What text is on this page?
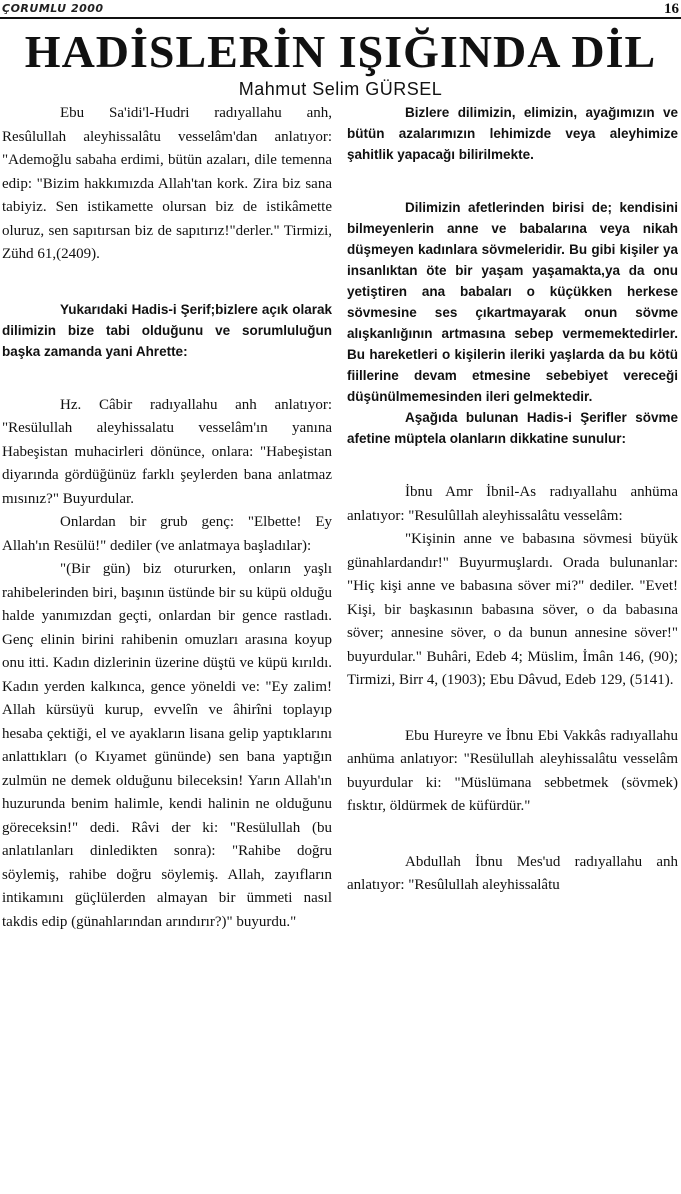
ÇORUMLU 2000	16
HADİSLERİN IŞIĞINDA DİL
Mahmut Selim GÜRSEL

Ebu Sa'idi'l-Hudri radıyallahu anh, Resûlullah aleyhissalâtu vesselâm'dan anlatıyor: "Ademoğlu sabaha erdimi, bütün azaları, dile temenna edip: "Bizim hakkımızda Allah'tan kork. Zira biz sana tabiyiz. Sen istikamette olursan biz de istikâmette oluruz, sen sapıtırsan biz de sapıtırız!"derler." Tirmizi, Zühd 61,(2409).

Yukarıdaki Hadis-i Şerif;bizlere açık olarak dilimizin bize tabi olduğunu ve sorumluluğun başka zamanda yani Ahrette:

Hz. Câbir radıyallahu anh anlatıyor: "Resülullah aleyhissalatu vesselâm'ın yanına Habeşistan muhacirleri dönünce, onlara: "Habeşistan diyarında gördüğünüz farklı şeylerden bana anlatmaz mısınız?" Buyurdular.

Onlardan bir grub genç: "Elbette! Ey Allah'ın Resülü!" dediler (ve anlatmaya başladılar):

"(Bir gün) biz otururken, onların yaşlı rahibelerinden biri, başının üstünde bir su küpü olduğu halde yanımızdan geçti, onlardan bir gence rastladı. Genç elinin birini rahibenin omuzları arasına koyup onu itti. Kadın dizlerinin üzerine düştü ve küpü kırıldı. Kadın yerden kalkınca, gence yöneldi ve: "Ey zalim! Allah kürsüyü kurup, evvelîn ve âhirîni toplayıp hesaba çektiği, el ve ayakların lisana gelip yaptıklarını anlattıkları (o Kıyamet gününde) sen bana yaptığın zulmün ne demek olduğunu bileceksin! Yarın Allah'ın huzurunda benim halimle, kendi halinin ne olduğunu göreceksin!" dedi. Râvi der ki: "Resülullah (bu anlatılanları dinledikten sonra): "Rahibe doğru söylemiş, rahibe doğru söylemiş. Allah, zayıfların intikamını güçlülerden almayan bir ümmeti nasıl takdis edip (günahlarından arındırır?)" buyurdu."

Bizlere dilimizin, elimizin, ayağımızın ve bütün azalarımızın lehimizde veya aleyhimize şahitlik yapacağı bilirilmekte.

Dilimizin afetlerinden birisi de; kendisini bilmeyenlerin anne ve babalarına veya nikah düşmeyen kadınlara sövmeleridir. Bu gibi kişiler ya insanlıktan öte bir yaşam yaşamakta,ya da onu yetiştiren ana babaları o küçükken herkese sövmesine ses çıkartmayarak onun sövme alışkanlığının artmasına sebep vermemektedirler. Bu hareketleri o kişilerin ileriki yaşlarda da bu kötü fiillerine devam etmesine sebebiyet vereceği düşünülmemesinden ileri gelmektedir.

Aşağıda bulunan Hadis-i Şerifler sövme afetine müptela olanların dikkatine sunulur:

İbnu Amr İbnil-As radıyallahu anhüma anlatıyor: "Resulûllah aleyhissalâtu vesselâm:

"Kişinin anne ve babasına sövmesi büyük günahlardandır!" Buyurmuşlardı. Orada bulunanlar: "Hiç kişi anne ve babasına söver mi?" dediler. "Evet! Kişi, bir başkasının babasına söver, o da babasına söver; annesine söver, o da bunun annesine söver!" buyurdular." Buhâri, Edeb 4; Müslim, İmân 146, (90); Tirmizi, Birr 4, (1903); Ebu Dâvud, Edeb 129, (5141).

Ebu Hureyre ve İbnu Ebi Vakkâs radıyallahu anhüma anlatıyor: "Resülullah aleyhissalâtu vesselâm buyurdular ki: "Müslümana sebbetmek (sövmek) fısktır, öldürmek de küfürdür."

Abdullah İbnu Mes'ud radıyallahu anh anlatıyor: "Resûlullah aleyhissalâtu
